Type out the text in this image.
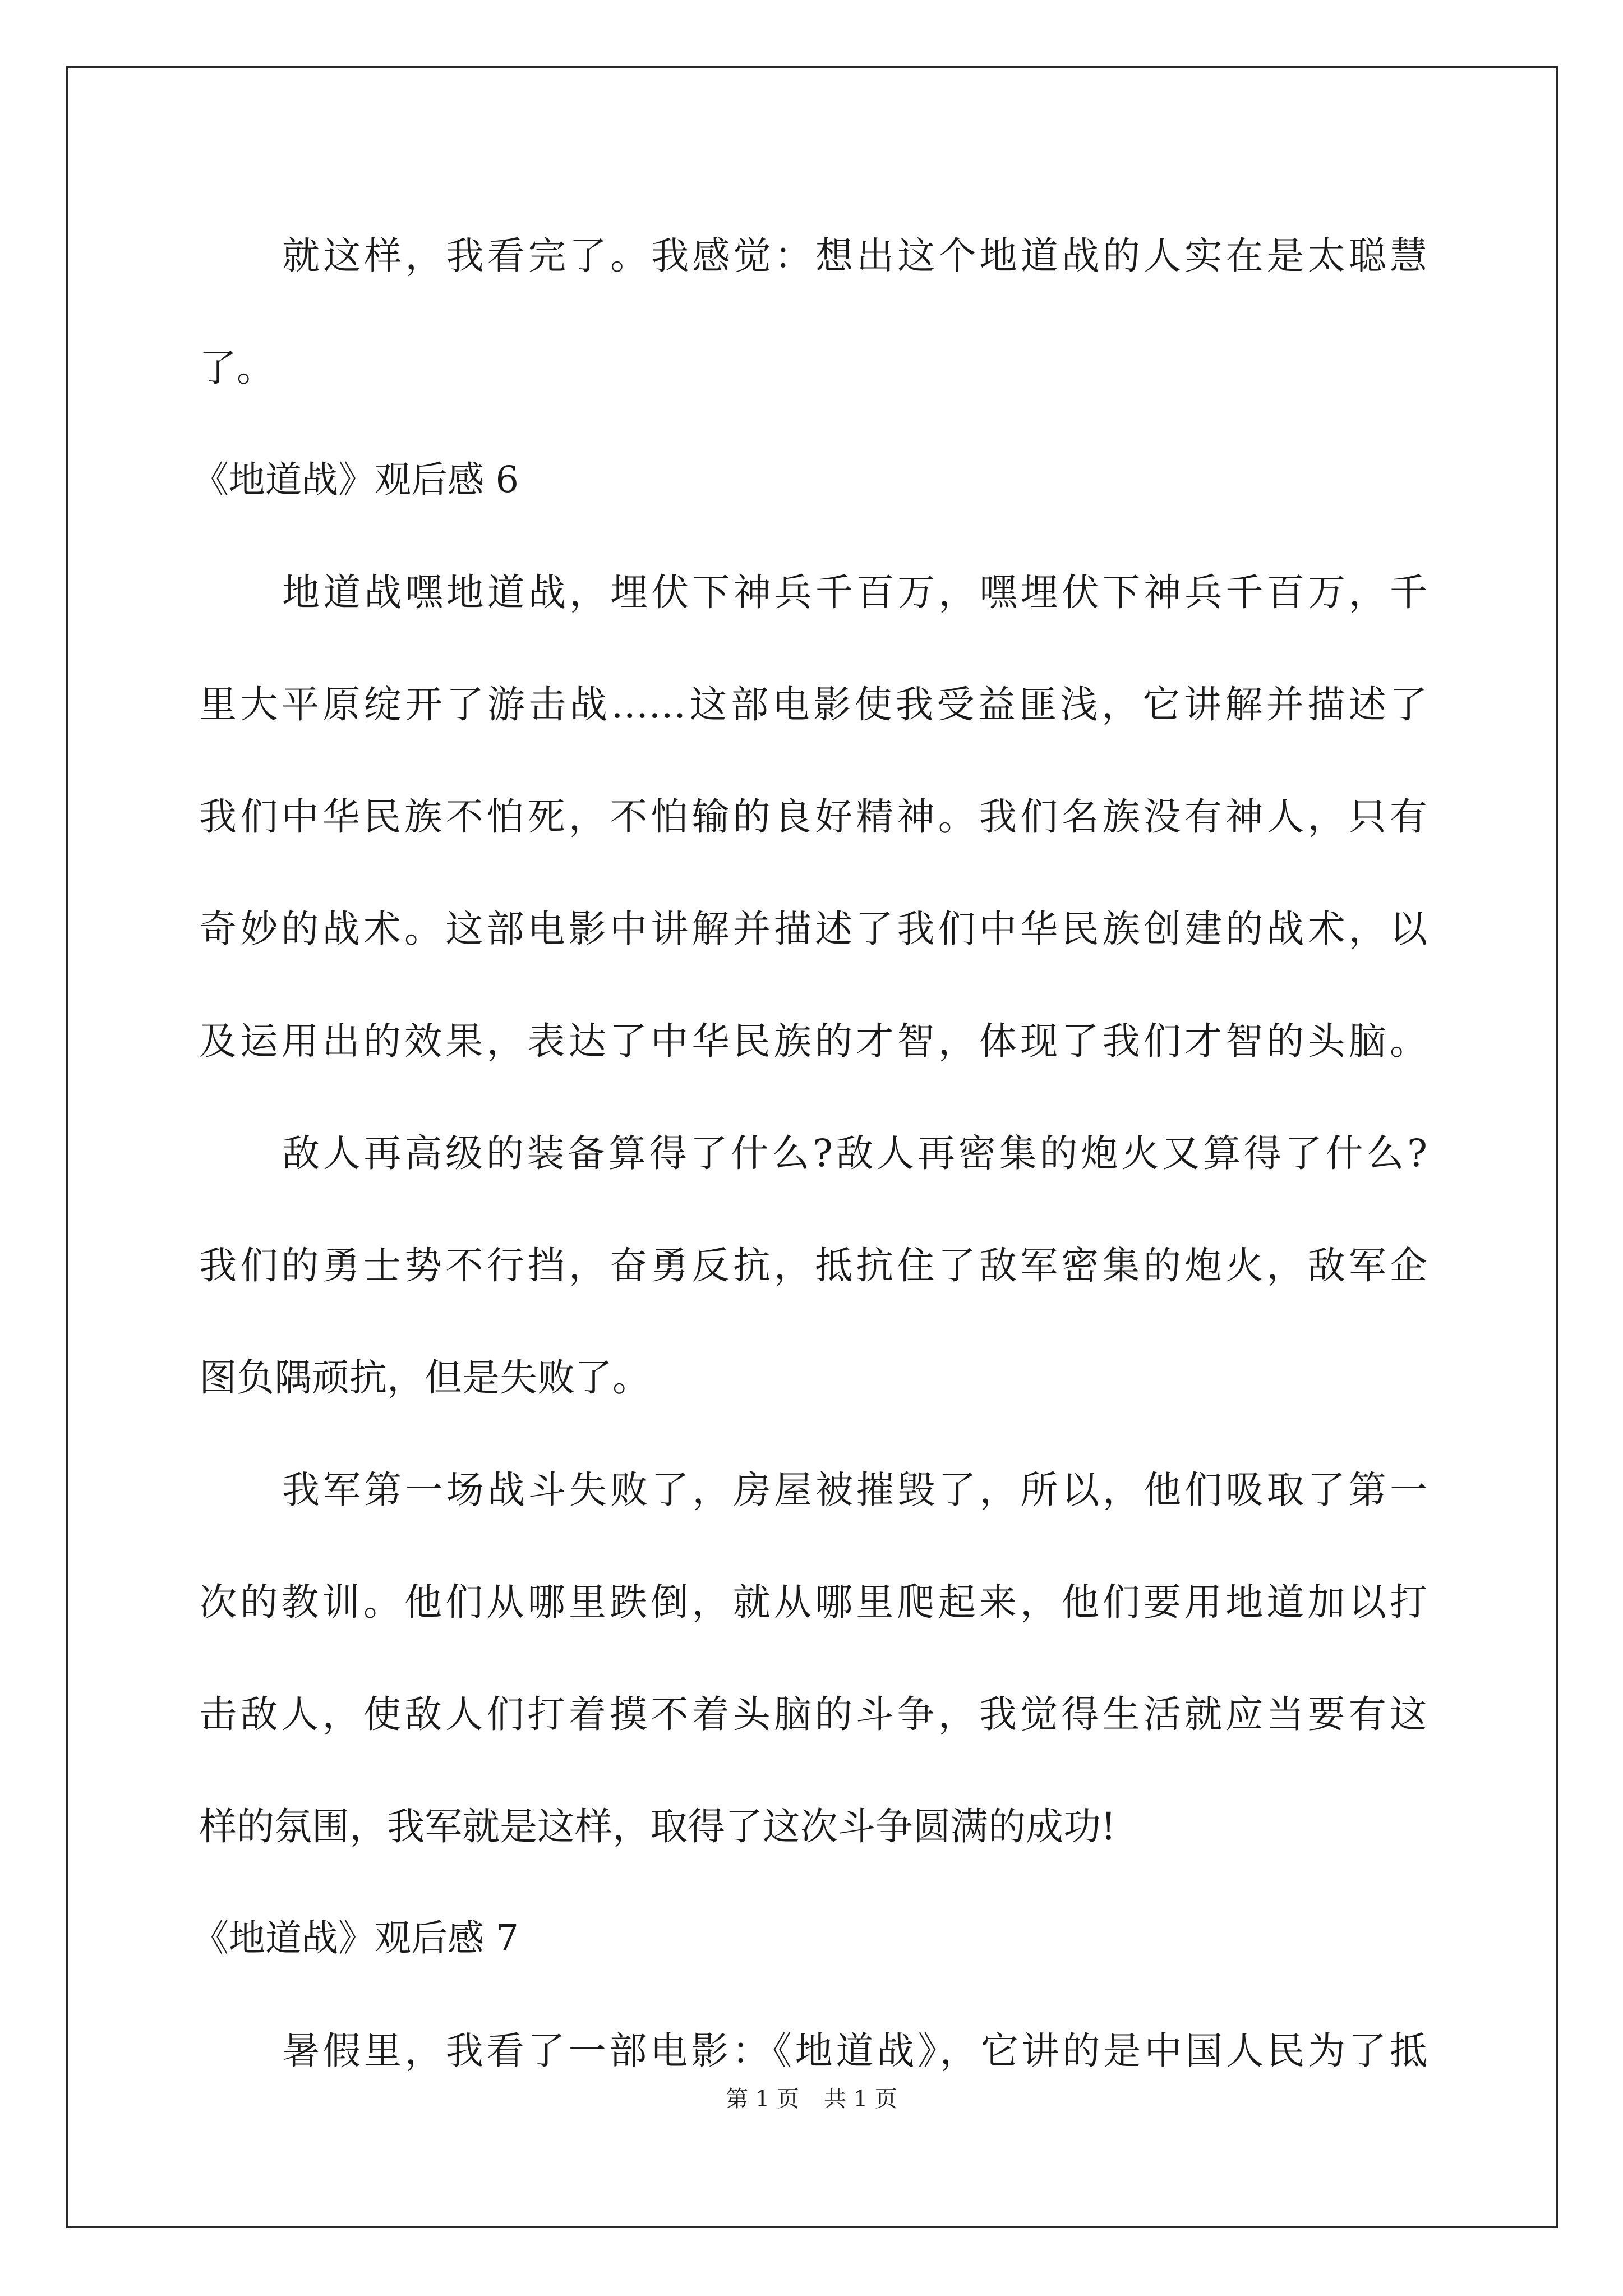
就这样，我看完了。我感觉：想出这个地道战的人实在是太聪慧
了。
《地道战》观后感 6
地道战嘿地道战，埋伏下神兵千百万，嘿埋伏下神兵千百万，千
里大平原绽开了游击战……这部电影使我受益匪浅，它讲解并描述了
我们中华民族不怕死，不怕输的良好精神。我们名族没有神人，只有
奇妙的战术。这部电影中讲解并描述了我们中华民族创建的战术，以
及运用出的效果，表达了中华民族的才智，体现了我们才智的头脑。
敌人再高级的装备算得了什么?敌人再密集的炮火又算得了什么?
我们的勇士势不行挡，奋勇反抗，抵抗住了敌军密集的炮火，敌军企
图负隅顽抗，但是失败了。
我军第一场战斗失败了，房屋被摧毁了，所以，他们吸取了第一
次的教训。他们从哪里跌倒，就从哪里爬起来，他们要用地道加以打
击敌人，使敌人们打着摸不着头脑的斗争，我觉得生活就应当要有这
样的氛围，我军就是这样，取得了这次斗争圆满的成功!
《地道战》观后感 7
暑假里，我看了一部电影：《地道战》，它讲的是中国人民为了抵
第 1 页 共 1 页
